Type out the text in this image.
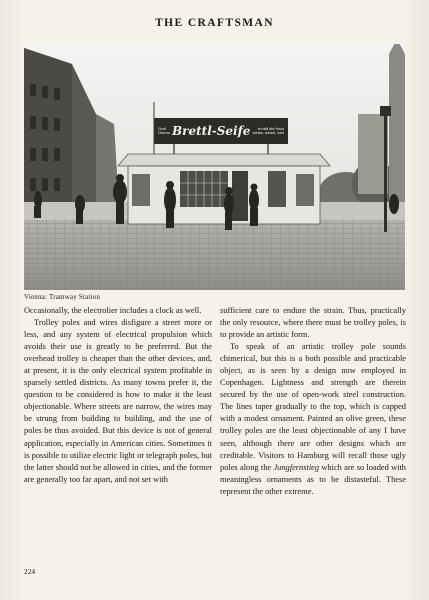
THE CRAFTSMAN
Graf
Olema Brettl-Seife	erhält die Haut
weiss, weich, zart
Vienna: Tramway Station

Occasionally, the electrolier includes a clock as well.

Trolley poles and wires disfigure a street more or less, and any system of electrical propulsion which avoids their use is greatly to be preferred. But the overhead trolley is cheaper than the other devices, and, at present, it is the only electrical system profitable in sparsely settled districts. As many towns prefer it, the question to be considered is how to make it the least objectionable. Where streets are narrow, the wires may be strung from building to building, and the use of poles be thus avoided. But this device is not of general application, especially in American cities. Sometimes it is possible to utilize electric light or telegraph poles, but the latter should not be allowed in cities, and the former are generally too far apart, and not set with

sufficient care to endure the strain. Thus, practically the only resource, where there must be trolley poles, is to provide an artistic form.

To speak of an artistic trolley pole sounds chimerical, but this is a both possible and practicable object, as is seen by a design now employed in Copenhagen. Lightness and strength are therein secured by the use of open-work steel construction. The lines taper gradually to the top, which is capped with a modest ornament. Painted an olive green, these trolley poles are the least objectionable of any I have seen, although there are other designs which are creditable. Visitors to Hamburg will recall those ugly poles along the Jungfernstieg which are so loaded with meaningless ornaments as to be distasteful. These represent the other extreme.

224
